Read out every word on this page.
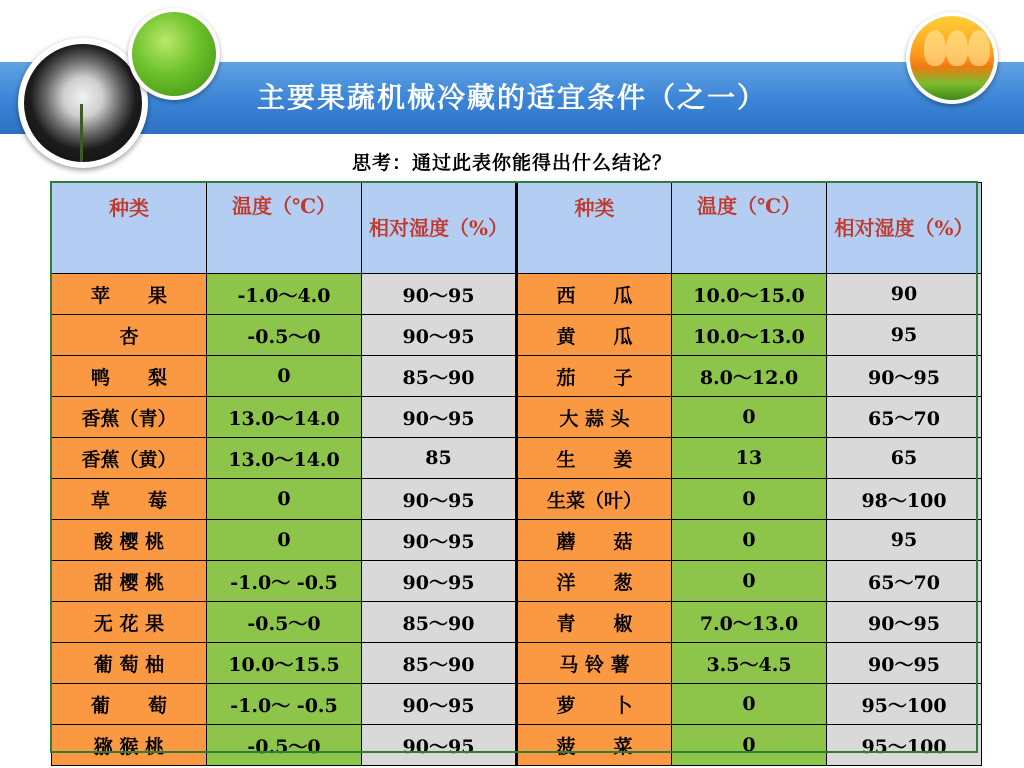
主要果蔬机械冷藏的适宜条件（之一）
思考：通过此表你能得出什么结论？
种类	温度（℃）	相对湿度（%）	种类	温度（℃）	相对湿度（%）
苹　　果	-1.0～4.0	90～95	西　　瓜	10.0～15.0	90
杏	-0.5～0	90～95	黄　　瓜	10.0～13.0	95
鸭　　梨	0	85～90	茄　　子	8.0～12.0	90～95
香蕉（青）	13.0～14.0	90～95	大 蒜 头	0	65～70
香蕉（黄）	13.0～14.0	85	生　　姜	13	65
草　　莓	0	90～95	生菜（叶）	0	98～100
酸 樱 桃	0	90～95	蘑　　菇	0	95
甜 樱 桃	-1.0～ -0.5	90～95	洋　　葱	0	65～70
无 花 果	-0.5～0	85～90	青　　椒	7.0～13.0	90～95
葡 萄 柚	10.0～15.5	85～90	马 铃 薯	3.5～4.5	90～95
葡　　萄	-1.0～ -0.5	90～95	萝　　卜	0	95～100
猕 猴 桃	-0.5～0	90～95	菠　　菜	0	95～100
